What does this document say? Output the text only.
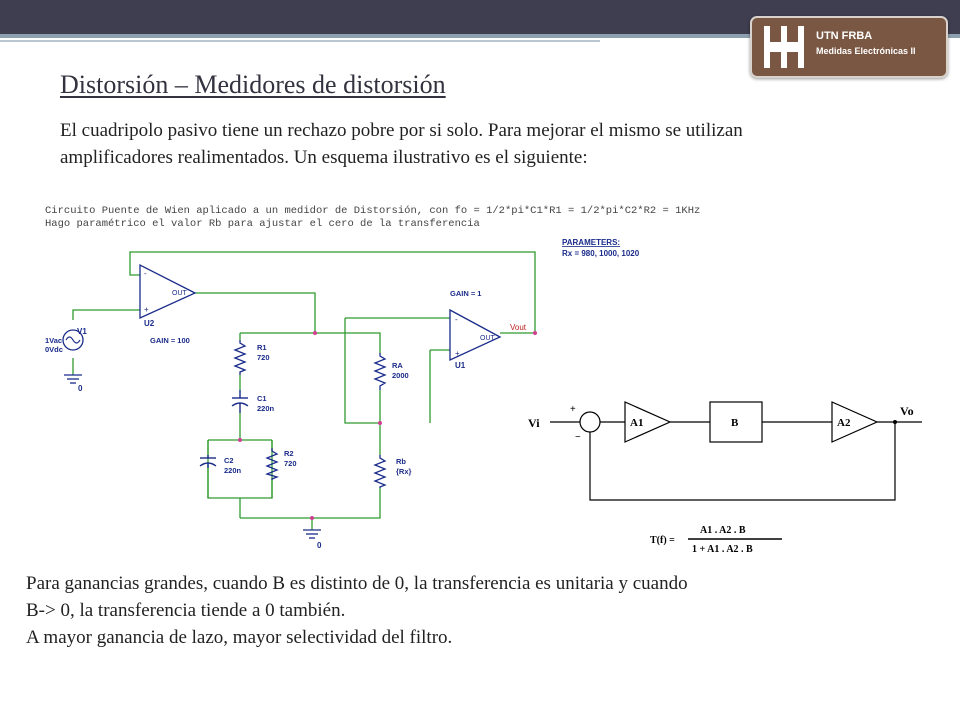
UTN FRBA
Medidas Electrónicas II
Distorsión – Medidores de distorsión

El cuadripolo pasivo tiene un rechazo pobre por si solo. Para mejorar el mismo se utilizan

amplificadores realimentados. Un esquema ilustrativo es el siguiente:

Circuito Puente de Wien aplicado a un medidor de Distorsión, con fo = 1/2*pi*C1*R1 = 1/2*pi*C2*R2 = 1KHz
Hago paramétrico el valor Rb para ajustar el cero de la transferencia
PARAMETERS:
Rx = 980, 1000, 1020
-
+
OUT
U2
GAIN = 100
-
+
OUT
U1
GAIN = 1
Vout
V1
1Vac
0Vdc
0
0
R1
720
RA
2000
Rb
{Rx}
R2
720
C1
220n
C2
220n
Vi
Vo
+
−
A1	B	A2
T(f) =
A1 . A2 . B
1 + A1 . A2 . B

Para ganancias grandes, cuando B es distinto de 0, la transferencia es unitaria y cuando

B-> 0, la transferencia tiende a 0 también.

A mayor ganancia de lazo, mayor selectividad del filtro.
